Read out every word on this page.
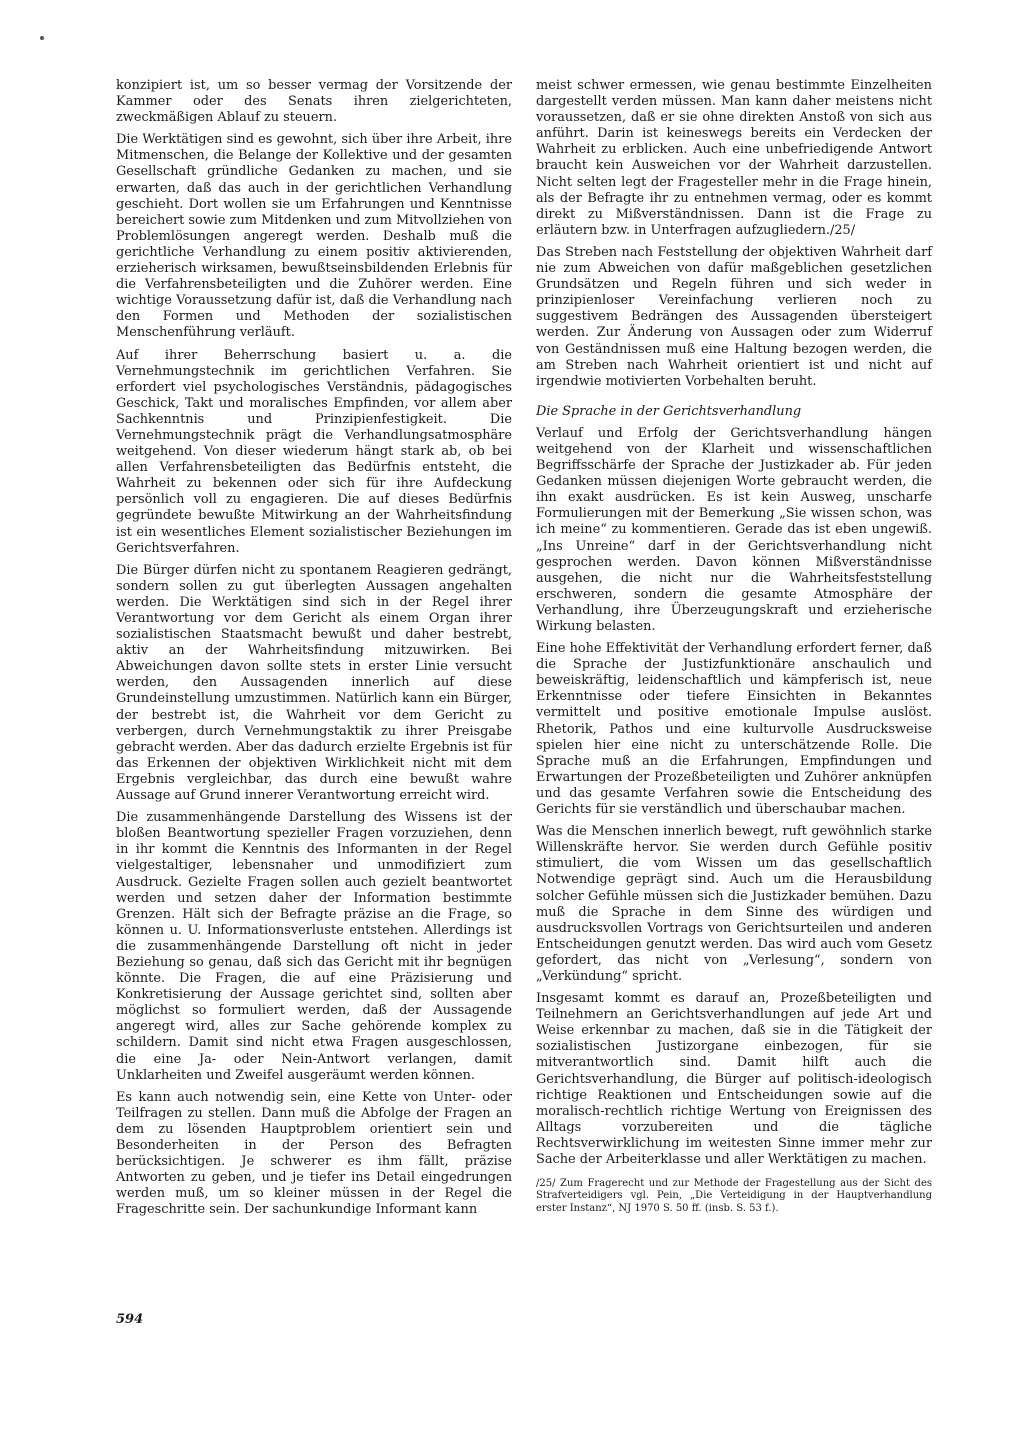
konzipiert ist, um so besser vermag der Vorsitzende der Kammer oder des Senats ihren zielgerichteten, zweckmäßigen Ablauf zu steuern.

Die Werktätigen sind es gewohnt, sich über ihre Arbeit, ihre Mitmenschen, die Belange der Kollektive und der gesamten Gesellschaft gründliche Gedanken zu machen, und sie erwarten, daß das auch in der gerichtlichen Verhandlung geschieht. Dort wollen sie um Erfahrungen und Kenntnisse bereichert sowie zum Mitdenken und zum Mitvollziehen von Problemlösungen angeregt werden. Deshalb muß die gerichtliche Verhandlung zu einem positiv aktivierenden, erzieherisch wirksamen, bewußtseinsbildenden Erlebnis für die Verfahrensbeteiligten und die Zuhörer werden. Eine wichtige Voraussetzung dafür ist, daß die Verhandlung nach den Formen und Methoden der sozialistischen Menschenführung verläuft.

Auf ihrer Beherrschung basiert u. a. die Vernehmungstechnik im gerichtlichen Verfahren. Sie erfordert viel psychologisches Verständnis, pädagogisches Geschick, Takt und moralisches Empfinden, vor allem aber Sachkenntnis und Prinzipienfestigkeit. Die Vernehmungstechnik prägt die Verhandlungsatmosphäre weitgehend. Von dieser wiederum hängt stark ab, ob bei allen Verfahrensbeteiligten das Bedürfnis entsteht, die Wahrheit zu bekennen oder sich für ihre Aufdeckung persönlich voll zu engagieren. Die auf dieses Bedürfnis gegründete bewußte Mitwirkung an der Wahrheitsfindung ist ein wesentliches Element sozialistischer Beziehungen im Gerichtsverfahren.

Die Bürger dürfen nicht zu spontanem Reagieren gedrängt, sondern sollen zu gut überlegten Aussagen angehalten werden. Die Werktätigen sind sich in der Regel ihrer Verantwortung vor dem Gericht als einem Organ ihrer sozialistischen Staatsmacht bewußt und daher bestrebt, aktiv an der Wahrheitsfindung mitzuwirken. Bei Abweichungen davon sollte stets in erster Linie versucht werden, den Aussagenden innerlich auf diese Grundeinstellung umzustimmen. Natürlich kann ein Bürger, der bestrebt ist, die Wahrheit vor dem Gericht zu verbergen, durch Vernehmungstaktik zu ihrer Preisgabe gebracht werden. Aber das dadurch erzielte Ergebnis ist für das Erkennen der objektiven Wirklichkeit nicht mit dem Ergebnis vergleichbar, das durch eine bewußt wahre Aussage auf Grund innerer Verantwortung erreicht wird.

Die zusammenhängende Darstellung des Wissens ist der bloßen Beantwortung spezieller Fragen vorzuziehen, denn in ihr kommt die Kenntnis des Informanten in der Regel vielgestaltiger, lebensnaher und unmodifiziert zum Ausdruck. Gezielte Fragen sollen auch gezielt beantwortet werden und setzen daher der Information bestimmte Grenzen. Hält sich der Befragte präzise an die Frage, so können u. U. Informationsverluste entstehen. Allerdings ist die zusammenhängende Darstellung oft nicht in jeder Beziehung so genau, daß sich das Gericht mit ihr begnügen könnte. Die Fragen, die auf eine Präzisierung und Konkretisierung der Aussage gerichtet sind, sollten aber möglichst so formuliert werden, daß der Aussagende angeregt wird, alles zur Sache gehörende komplex zu schildern. Damit sind nicht etwa Fragen ausgeschlossen, die eine Ja- oder Nein-Antwort verlangen, damit Unklarheiten und Zweifel ausgeräumt werden können.

Es kann auch notwendig sein, eine Kette von Unter- oder Teilfragen zu stellen. Dann muß die Abfolge der Fragen an dem zu lösenden Hauptproblem orientiert sein und Besonderheiten in der Person des Befragten berücksichtigen. Je schwerer es ihm fällt, präzise Antworten zu geben, und je tiefer ins Detail eingedrungen werden muß, um so kleiner müssen in der Regel die Frageschritte sein. Der sachunkundige Informant kann

meist schwer ermessen, wie genau bestimmte Einzelheiten dargestellt verden müssen. Man kann daher meistens nicht voraussetzen, daß er sie ohne direkten Anstoß von sich aus anführt. Darin ist keineswegs bereits ein Verdecken der Wahrheit zu erblicken. Auch eine unbefriedigende Antwort braucht kein Ausweichen vor der Wahrheit darzustellen. Nicht selten legt der Fragesteller mehr in die Frage hinein, als der Befragte ihr zu entnehmen vermag, oder es kommt direkt zu Mißverständnissen. Dann ist die Frage zu erläutern bzw. in Unterfragen aufzugliedern./25/

Das Streben nach Feststellung der objektiven Wahrheit darf nie zum Abweichen von dafür maßgeblichen gesetzlichen Grundsätzen und Regeln führen und sich weder in prinzipienloser Vereinfachung verlieren noch zu suggestivem Bedrängen des Aussagenden übersteigert werden. Zur Änderung von Aussagen oder zum Widerruf von Geständnissen muß eine Haltung bezogen werden, die am Streben nach Wahrheit orientiert ist und nicht auf irgendwie motivierten Vorbehalten beruht.

Die Sprache in der Gerichtsverhandlung

Verlauf und Erfolg der Gerichtsverhandlung hängen weitgehend von der Klarheit und wissenschaftlichen Begriffsschärfe der Sprache der Justizkader ab. Für jeden Gedanken müssen diejenigen Worte gebraucht werden, die ihn exakt ausdrücken. Es ist kein Ausweg, unscharfe Formulierungen mit der Bemerkung „Sie wissen schon, was ich meine“ zu kommentieren. Gerade das ist eben ungewiß. „Ins Unreine“ darf in der Gerichtsverhandlung nicht gesprochen werden. Davon können Mißverständnisse ausgehen, die nicht nur die Wahrheitsfeststellung erschweren, sondern die gesamte Atmosphäre der Verhandlung, ihre Überzeugungskraft und erzieherische Wirkung belasten.

Eine hohe Effektivität der Verhandlung erfordert ferner, daß die Sprache der Justizfunktionäre anschaulich und beweiskräftig, leidenschaftlich und kämpferisch ist, neue Erkenntnisse oder tiefere Einsichten in Bekanntes vermittelt und positive emotionale Impulse auslöst. Rhetorik, Pathos und eine kulturvolle Ausdrucksweise spielen hier eine nicht zu unterschätzende Rolle. Die Sprache muß an die Erfahrungen, Empfindungen und Erwartungen der Prozeßbeteiligten und Zuhörer anknüpfen und das gesamte Verfahren sowie die Entscheidung des Gerichts für sie verständlich und überschaubar machen.

Was die Menschen innerlich bewegt, ruft gewöhnlich starke Willenskräfte hervor. Sie werden durch Gefühle positiv stimuliert, die vom Wissen um das gesellschaftlich Notwendige geprägt sind. Auch um die Herausbildung solcher Gefühle müssen sich die Justizkader bemühen. Dazu muß die Sprache in dem Sinne des würdigen und ausdrucksvollen Vortrags von Gerichtsurteilen und anderen Entscheidungen genutzt werden. Das wird auch vom Gesetz gefordert, das nicht von „Verlesung“, sondern von „Verkündung“ spricht.

Insgesamt kommt es darauf an, Prozeßbeteiligten und Teilnehmern an Gerichtsverhandlungen auf jede Art und Weise erkennbar zu machen, daß sie in die Tätigkeit der sozialistischen Justizorgane einbezogen, für sie mitverantwortlich sind. Damit hilft auch die Gerichtsverhandlung, die Bürger auf politisch-ideologisch richtige Reaktionen und Entscheidungen sowie auf die moralisch-rechtlich richtige Wertung von Ereignissen des Alltags vorzubereiten und die tägliche Rechtsverwirklichung im weitesten Sinne immer mehr zur Sache der Arbeiterklasse und aller Werktätigen zu machen.

/25/ Zum Fragerecht und zur Methode der Fragestellung aus der Sicht des Strafverteidigers vgl. Pein, „Die Verteidigung in der Hauptverhandlung erster Instanz“, NJ 1970 S. 50 ff. (insb. S. 53 f.).
594
